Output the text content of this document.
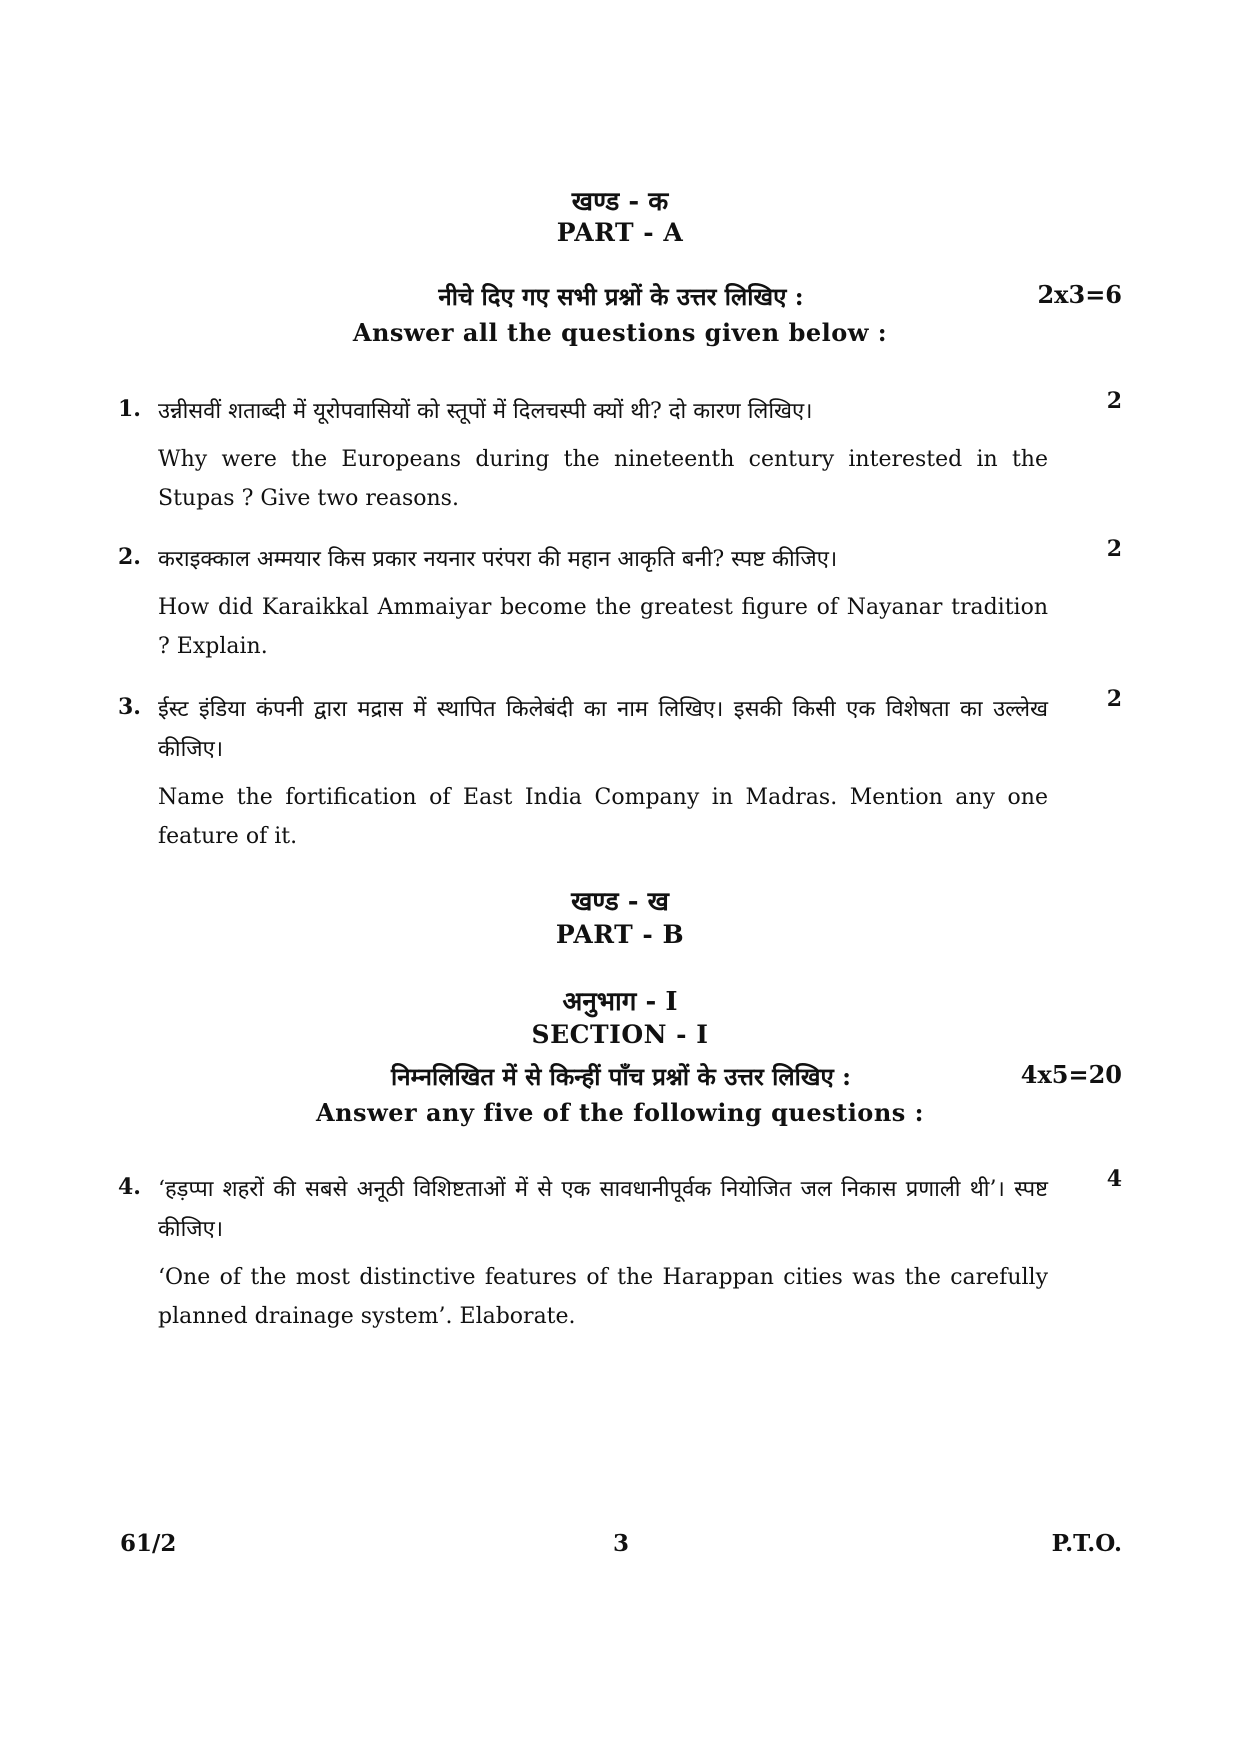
खण्ड - क
PART - A
नीचे दिए गए सभी प्रश्नों के उत्तर लिखिए :	2x3=6
Answer all the questions given below :
1.	2
उन्नीसवीं शताब्दी में यूरोपवासियों को स्तूपों में दिलचस्पी क्यों थी? दो कारण लिखिए।
Why were the Europeans during the nineteenth century interested in the Stupas ? Give two reasons.
2.	2
कराइक्काल अम्मयार किस प्रकार नयनार परंपरा की महान आकृति बनी? स्पष्ट कीजिए।
How did Karaikkal Ammaiyar become the greatest figure of Nayanar tradition ? Explain.
3.	2
ईस्ट इंडिया कंपनी द्वारा मद्रास में स्थापित किलेबंदी का नाम लिखिए। इसकी किसी एक विशेषता का उल्लेख कीजिए।
Name the fortification of East India Company in Madras. Mention any one feature of it.
खण्ड - ख
PART - B
अनुभाग - I
SECTION - I
निम्नलिखित में से किन्हीं पाँच प्रश्नों के उत्तर लिखिए :	4x5=20
Answer any five of the following questions :
4.	4
‘हड़प्पा शहरों की सबसे अनूठी विशिष्टताओं में से एक सावधानीपूर्वक नियोजित जल निकास प्रणाली थी’। स्पष्ट कीजिए।
‘One of the most distinctive features of the Harappan cities was the carefully planned drainage system’. Elaborate.
61/2	3	P.T.O.
